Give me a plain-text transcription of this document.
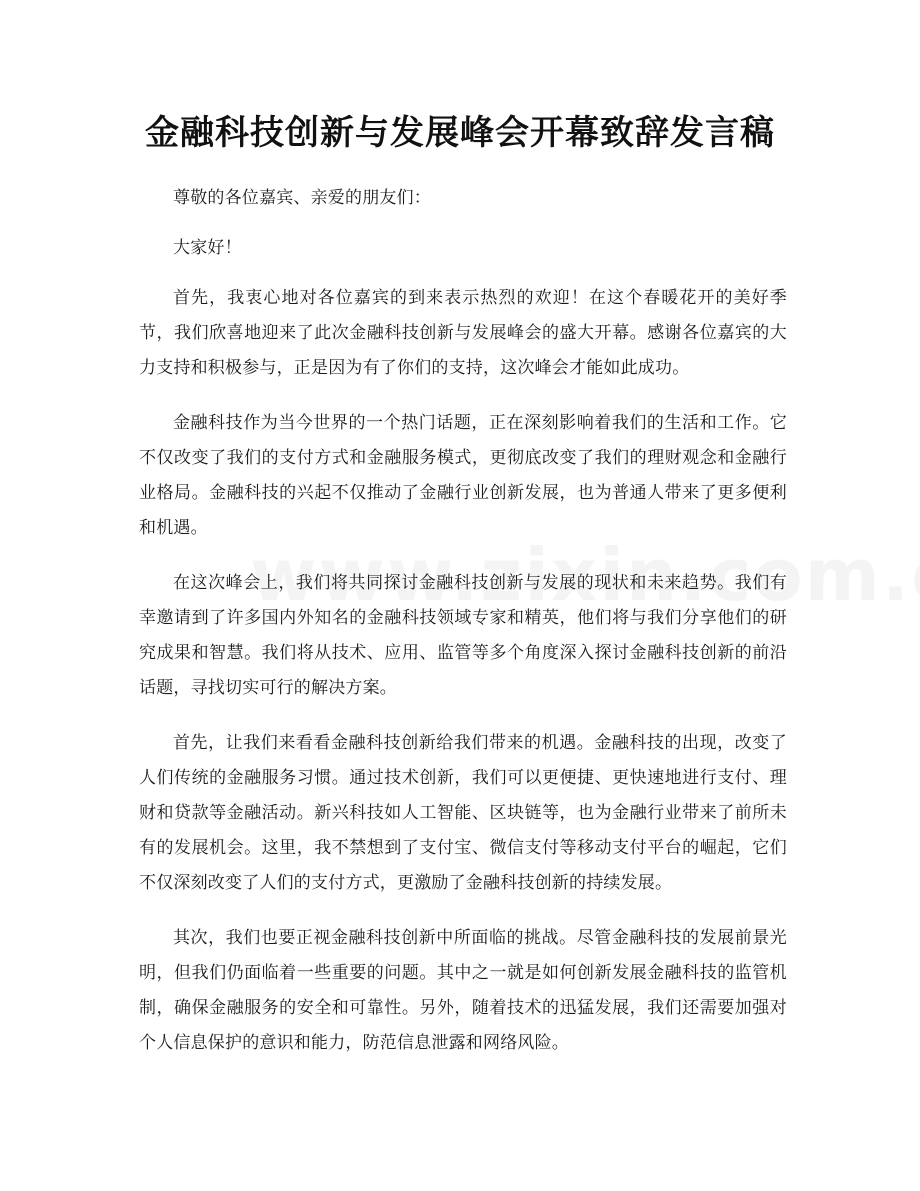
金融科技创新与发展峰会开幕致辞发言稿

尊敬的各位嘉宾、亲爱的朋友们：

大家好！

首先，我衷心地对各位嘉宾的到来表示热烈的欢迎！在这个春暖花开的美好季节，我们欣喜地迎来了此次金融科技创新与发展峰会的盛大开幕。感谢各位嘉宾的大力支持和积极参与，正是因为有了你们的支持，这次峰会才能如此成功。

金融科技作为当今世界的一个热门话题，正在深刻影响着我们的生活和工作。它不仅改变了我们的支付方式和金融服务模式，更彻底改变了我们的理财观念和金融行业格局。金融科技的兴起不仅推动了金融行业创新发展，也为普通人带来了更多便利和机遇。

在这次峰会上，我们将共同探讨金融科技创新与发展的现状和未来趋势。我们有幸邀请到了许多国内外知名的金融科技领域专家和精英，他们将与我们分享他们的研究成果和智慧。我们将从技术、应用、监管等多个角度深入探讨金融科技创新的前沿话题，寻找切实可行的解决方案。

首先，让我们来看看金融科技创新给我们带来的机遇。金融科技的出现，改变了人们传统的金融服务习惯。通过技术创新，我们可以更便捷、更快速地进行支付、理财和贷款等金融活动。新兴科技如人工智能、区块链等，也为金融行业带来了前所未有的发展机会。这里，我不禁想到了支付宝、微信支付等移动支付平台的崛起，它们不仅深刻改变了人们的支付方式，更激励了金融科技创新的持续发展。

其次，我们也要正视金融科技创新中所面临的挑战。尽管金融科技的发展前景光明，但我们仍面临着一些重要的问题。其中之一就是如何创新发展金融科技的监管机制，确保金融服务的安全和可靠性。另外，随着技术的迅猛发展，我们还需要加强对个人信息保护的意识和能力，防范信息泄露和网络风险。
